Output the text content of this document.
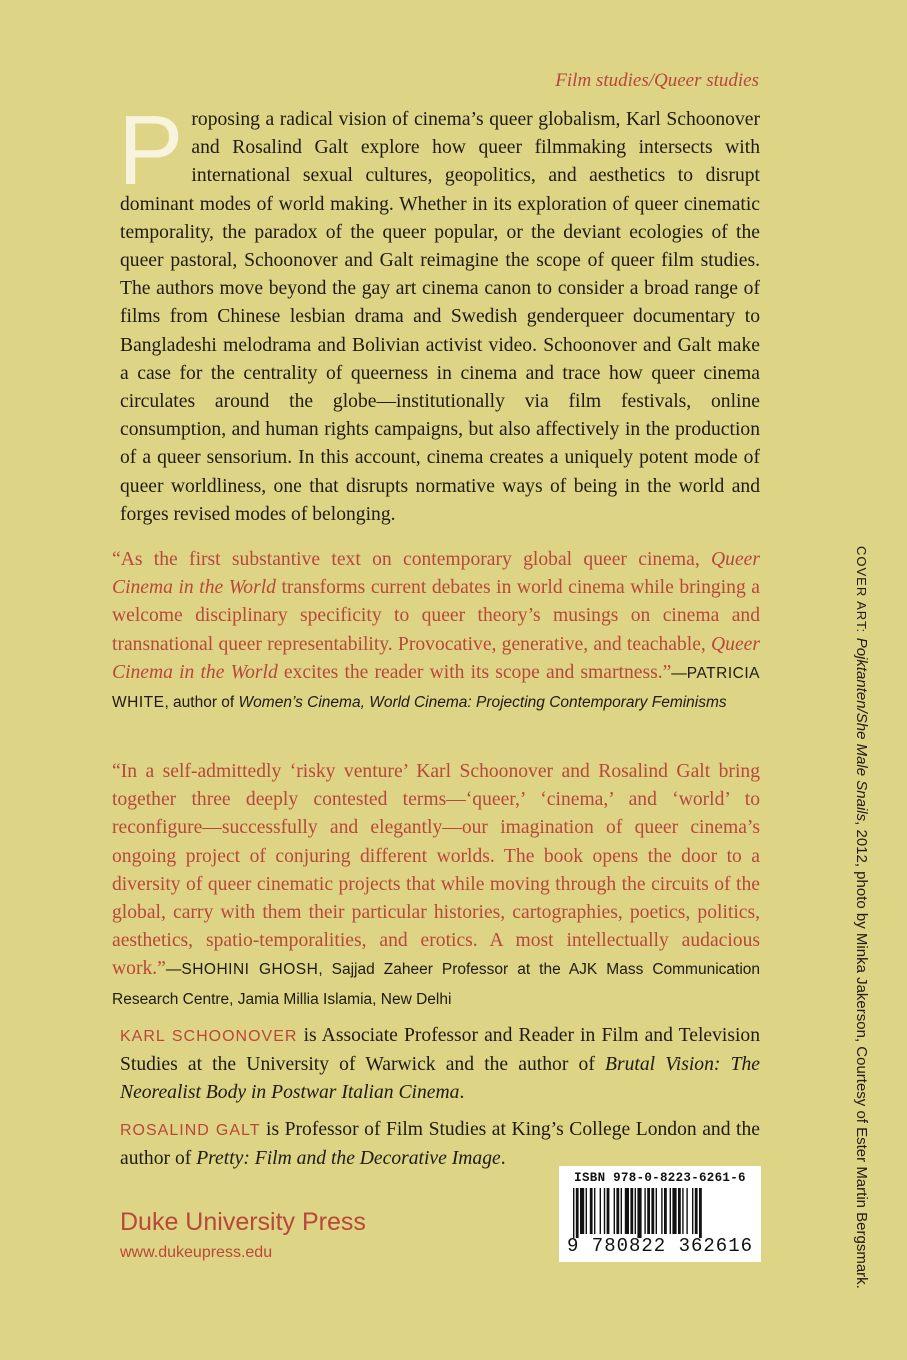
Film studies/Queer studies

Proposing a radical vision of cinema’s queer globalism, Karl Schoonover and Rosalind Galt explore how queer filmmaking intersects with international sexual cultures, geopolitics, and aesthetics to disrupt dominant modes of world making. Whether in its exploration of queer cinematic temporality, the paradox of the queer popular, or the deviant ecologies of the queer pastoral, Schoonover and Galt reimagine the scope of queer film studies. The authors move beyond the gay art cinema canon to consider a broad range of films from Chinese lesbian drama and Swedish genderqueer documentary to Bangladeshi melodrama and Bolivian activist video. Schoonover and Galt make a case for the centrality of queerness in cinema and trace how queer cinema circulates around the globe—institutionally via film festivals, online consumption, and human rights campaigns, but also affectively in the production of a queer sensorium. In this account, cinema creates a uniquely potent mode of queer worldliness, one that disrupts normative ways of being in the world and forges revised modes of belonging.

“As the first substantive text on contemporary global queer cinema, Queer Cinema in the World transforms current debates in world cinema while bringing a welcome disciplinary specificity to queer theory’s musings on cinema and transnational queer representability. Provocative, generative, and teachable, Queer Cinema in the World excites the reader with its scope and smartness.”—PATRICIA WHITE, author of Women’s Cinema, World Cinema: Projecting Contemporary Feminisms

“In a self-admittedly ‘risky venture’ Karl Schoonover and Rosalind Galt bring together three deeply contested terms—‘queer,’ ‘cinema,’ and ‘world’ to reconfigure—successfully and elegantly—our imagination of queer cinema’s ongoing project of conjuring different worlds. The book opens the door to a diversity of queer cinematic projects that while moving through the circuits of the global, carry with them their particular histories, cartographies, poetics, politics, aesthetics, spatio-temporalities, and erotics. A most intellectually audacious work.”—SHOHINI GHOSH, Sajjad Zaheer Professor at the AJK Mass Communication Research Centre, Jamia Millia Islamia, New Delhi

KARL SCHOONOVER is Associate Professor and Reader in Film and Television Studies at the University of Warwick and the author of Brutal Vision: The Neorealist Body in Postwar Italian Cinema.

ROSALIND GALT is Professor of Film Studies at King’s College London and the author of Pretty: Film and the Decorative Image.

Duke University Press
www.dukeupress.edu
ISBN 978-0-8223-6261-6
9 780822 362616
COVER ART: Pojktanten/She Male Snails, 2012, photo by Minka Jakerson, Courtesy of Ester Martin Bergsmark.
